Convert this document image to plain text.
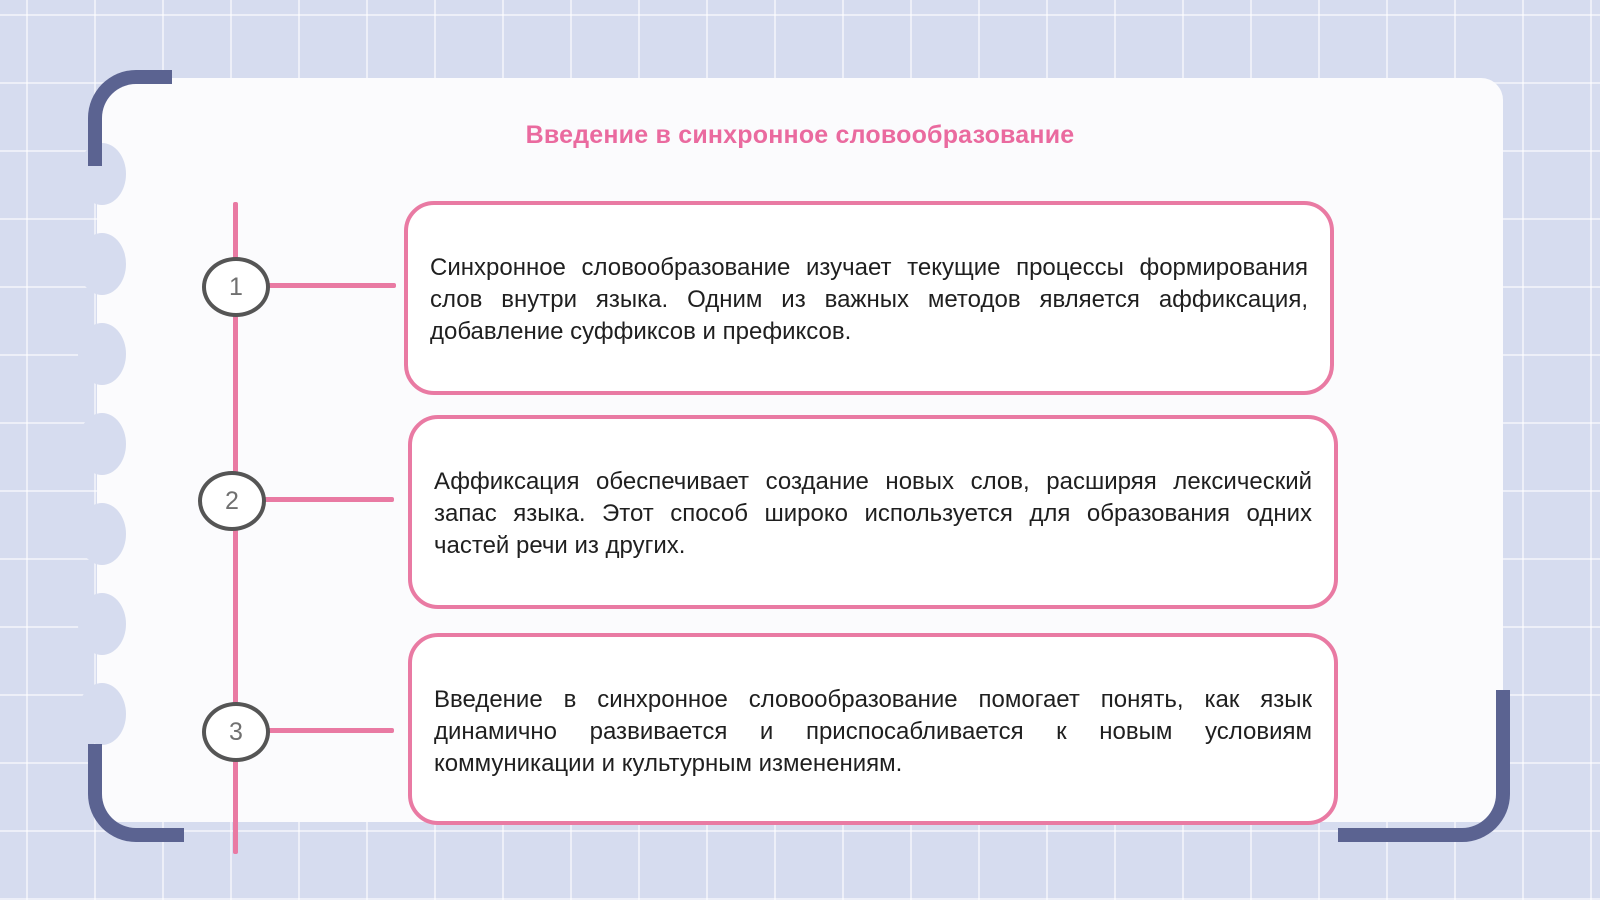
Введение в синхронное словообразование
1

Синхронное словообразование изучает текущие процессы формирования слов внутри языка. Одним из важных методов является аффиксация, добавление суффиксов и префиксов.

2

Аффиксация обеспечивает создание новых слов, расширяя лексический запас языка. Этот способ широко используется для образования одних частей речи из других.

3

Введение в синхронное словообразование помогает понять, как язык динамично развивается и приспосабливается к новым условиям коммуникации и культурным изменениям.
